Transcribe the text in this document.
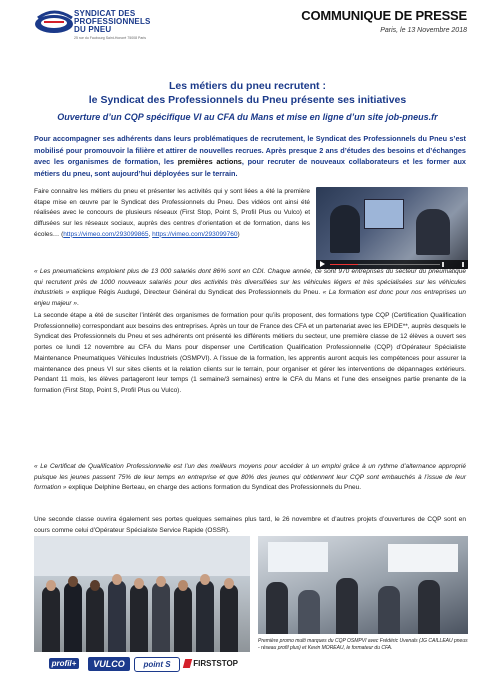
SYNDICAT DES
PROFESSIONNELS
DU PNEU
25 rue du Faubourg Saint-Honoré 75008 Paris
COMMUNIQUE DE PRESSE
Paris, le 13 Novembre 2018
Les métiers du pneu recrutent :
le Syndicat des Professionnels du Pneu présente ses initiatives
Ouverture d’un CQP spécifique VI au CFA du Mans et mise en ligne d’un site job-pneus.fr
Pour accompagner ses adhérents dans leurs problématiques de recrutement, le Syndicat des Professionnels du Pneu s’est mobilisé pour promouvoir la filière et attirer de nouvelles recrues. Après presque 2 ans d’études des besoins et d’échanges avec les organismes de formation, les premières actions, pour recruter de nouveaux collaborateurs et les former aux métiers du pneu, sont aujourd’hui déployées sur le terrain.
Faire connaitre les métiers du pneu et présenter les activités qui y sont liées a été la première étape mise en œuvre par le Syndicat des Professionnels du Pneu. Des vidéos ont ainsi été réalisées avec le concours de plusieurs réseaux (First Stop, Point S, Profil Plus ou Vulco) et diffusées sur les réseaux sociaux, auprès des centres d’orientation et de formation, dans les écoles… (https://vimeo.com/293099865, https://vimeo.com/293099760)
« Les pneumaticiens emploient plus de 13 000 salariés dont 86% sont en CDI. Chaque année, ce sont 970 entreprises du secteur du pneumatique qui recrutent près de 1000 nouveaux salariés pour des activités très diversifiées sur les véhicules légers et très spécialisées sur les véhicules industriels » explique Régis Audugé, Directeur Général du Syndicat des Professionnels du Pneu. « La formation est donc pour nos entreprises un enjeu majeur ».
La seconde étape a été de susciter l’intérêt des organismes de formation pour qu’ils proposent, des formations type CQP (Certification Qualification Professionnelle) correspondant aux besoins des entreprises. Après un tour de France des CFA et un partenariat avec les EPIDE**, auprès desquels le Syndicat des Professionnels du Pneu et ses adhérents ont présenté les différents métiers du secteur, une première classe de 12 élèves a ouvert ses portes ce lundi 12 novembre au CFA du Mans pour dispenser une Certification Qualification Professionnelle (CQP) d’Opérateur Spécialiste Maintenance Pneumatiques Véhicules Industriels (OSMPVI). A l’issue de la formation, les apprentis auront acquis les compétences pour assurer la maintenance des pneus VI sur sites clients et la relation clients sur le terrain, pour organiser et gérer les interventions de dépannages extérieurs. Pendant 11 mois, les élèves partageront leur temps (1 semaine/3 semaines) entre le CFA du Mans et l’une des enseignes partie prenante de la formation (First Stop, Point S, Profil Plus ou Vulco).
« Le Certificat de Qualification Professionnelle est l’un des meilleurs moyens pour accéder à un emploi grâce à un rythme d’alternance approprié puisque les jeunes passent 75% de leur temps en entreprise et que 80% des jeunes qui obtiennent leur CQP sont embauchés à l’issue de leur formation » explique Delphine Berteau, en charge des actions formation du Syndicat des Professionnels du Pneu.
Une seconde classe ouvrira également ses portes quelques semaines plus tard, le 26 novembre et d’autres projets d’ouvertures de CQP sont en cours comme celui d’Opérateur Spécialiste Service Rapide (OSSR).
Première promo multi marques du CQP OSMPVI avec Frédéric Uvenals (JG CAILLEAU pneus - réseau profil plus) et Kevin MOREAU, le formateur du CFA.
profil+	VULCO	point S	FIRSTSTOP
